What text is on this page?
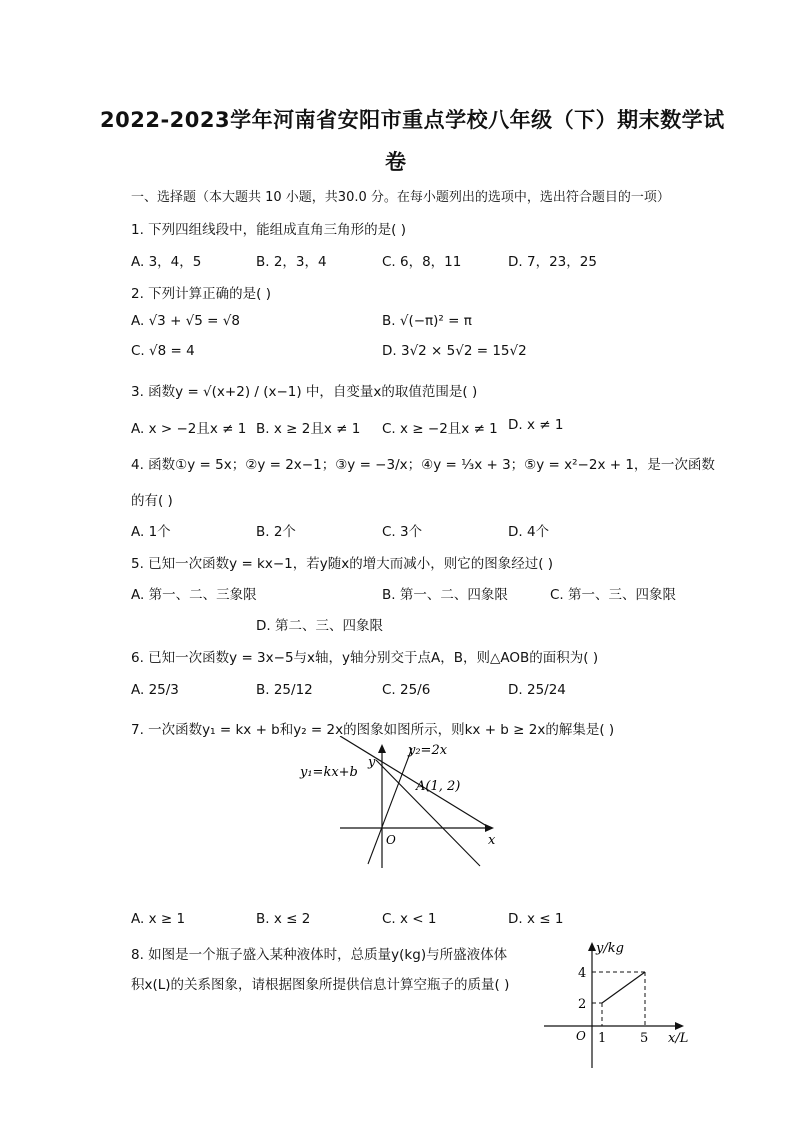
2022-2023学年河南省安阳市重点学校八年级（下）期末数学试
卷
一、选择题（本大题共 10 小题，共30.0 分。在每小题列出的选项中，选出符合题目的一项）
1. 下列四组线段中，能组成直角三角形的是( )
A. 3，4，5	B. 2，3，4	C. 6，8，11	D. 7，23，25
2. 下列计算正确的是( )
A. √3 + √5 = √8	B. √(−π)² = π
C. √8 = 4	D. 3√2 × 5√2 = 15√2
3. 函数y = √(x+2) / (x−1) 中，自变量x的取值范围是( )
A. x > −2且x ≠ 1 B. x ≥ 2且x ≠ 1 C. x ≥ −2且x ≠ 1 D. x ≠ 1
4. 函数①y = 5x；②y = 2x−1；③y = −3/x；④y = ⅓x + 3；⑤y = x²−2x + 1，是一次函数
的有( )
A. 1个	B. 2个	C. 3个	D. 4个
5. 已知一次函数y = kx−1，若y随x的增大而减小，则它的图象经过( )
A. 第一、二、三象限	B. 第一、二、四象限	C. 第一、三、四象限
D. 第二、三、四象限
6. 已知一次函数y = 3x−5与x轴，y轴分别交于点A，B，则△AOB的面积为( )
A. 25/3	B. 25/12	C. 25/6	D. 25/24
7. 一次函数y₁ = kx + b和y₂ = 2x的图象如图所示，则kx + b ≥ 2x的解集是( )
y₂=2x
y₁=kx+b
A(1, 2)
y
x
O
A. x ≥ 1	B. x ≤ 2	C. x < 1	D. x ≤ 1
8. 如图是一个瓶子盛入某种液体时，总质量y(kg)与所盛液体体
积x(L)的关系图象，请根据图象所提供信息计算空瓶子的质量( )
y/kg
x/L
O
4
2
1	5
